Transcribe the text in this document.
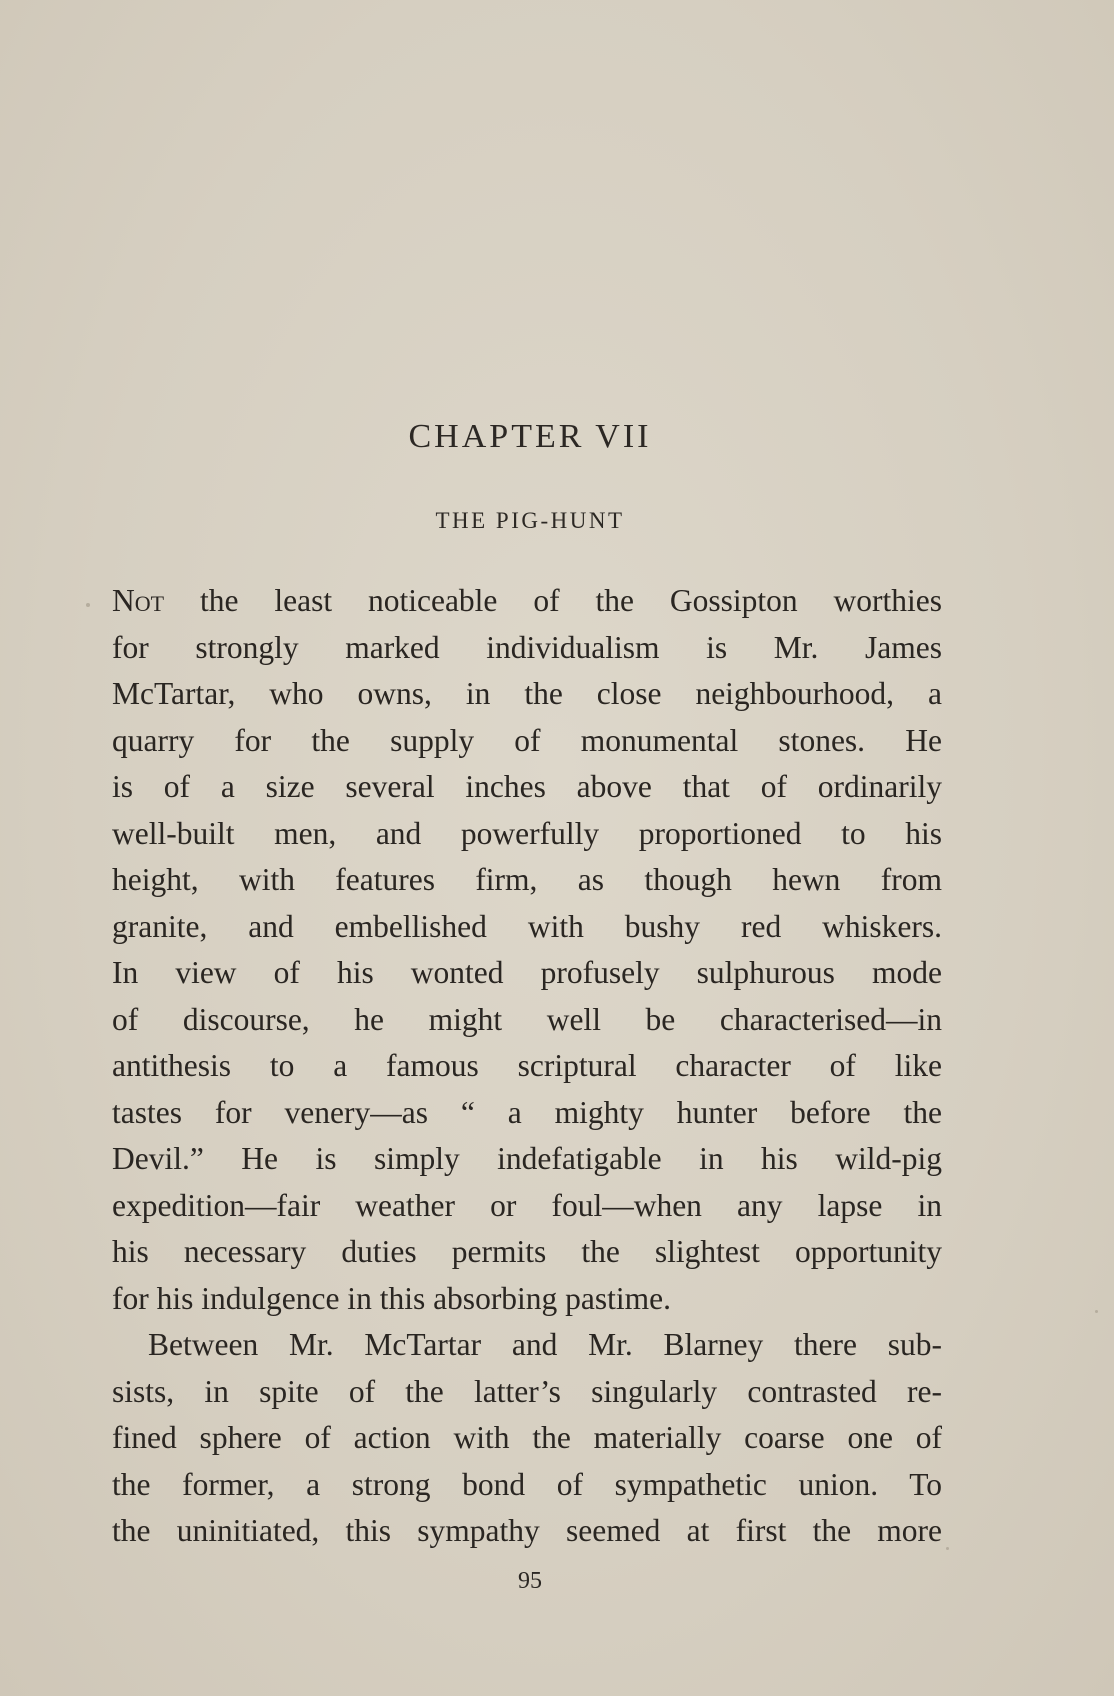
CHAPTER VII
THE PIG-HUNT
Not the least noticeable of the Gossipton worthies
for strongly marked individualism is Mr. James
McTartar, who owns, in the close neighbourhood, a
quarry for the supply of monumental stones. He
is of a size several inches above that of ordinarily
well-built men, and powerfully proportioned to his
height, with features firm, as though hewn from
granite, and embellished with bushy red whiskers.
In view of his wonted profusely sulphurous mode
of discourse, he might well be characterised—in
antithesis to a famous scriptural character of like
tastes for venery—as “ a mighty hunter before the
Devil.” He is simply indefatigable in his wild-pig
expedition—fair weather or foul—when any lapse in
his necessary duties permits the slightest opportunity
for his indulgence in this absorbing pastime.
Between Mr. McTartar and Mr. Blarney there sub-
sists, in spite of the latter’s singularly contrasted re-
fined sphere of action with the materially coarse one of
the former, a strong bond of sympathetic union. To
the uninitiated, this sympathy seemed at first the more
95
